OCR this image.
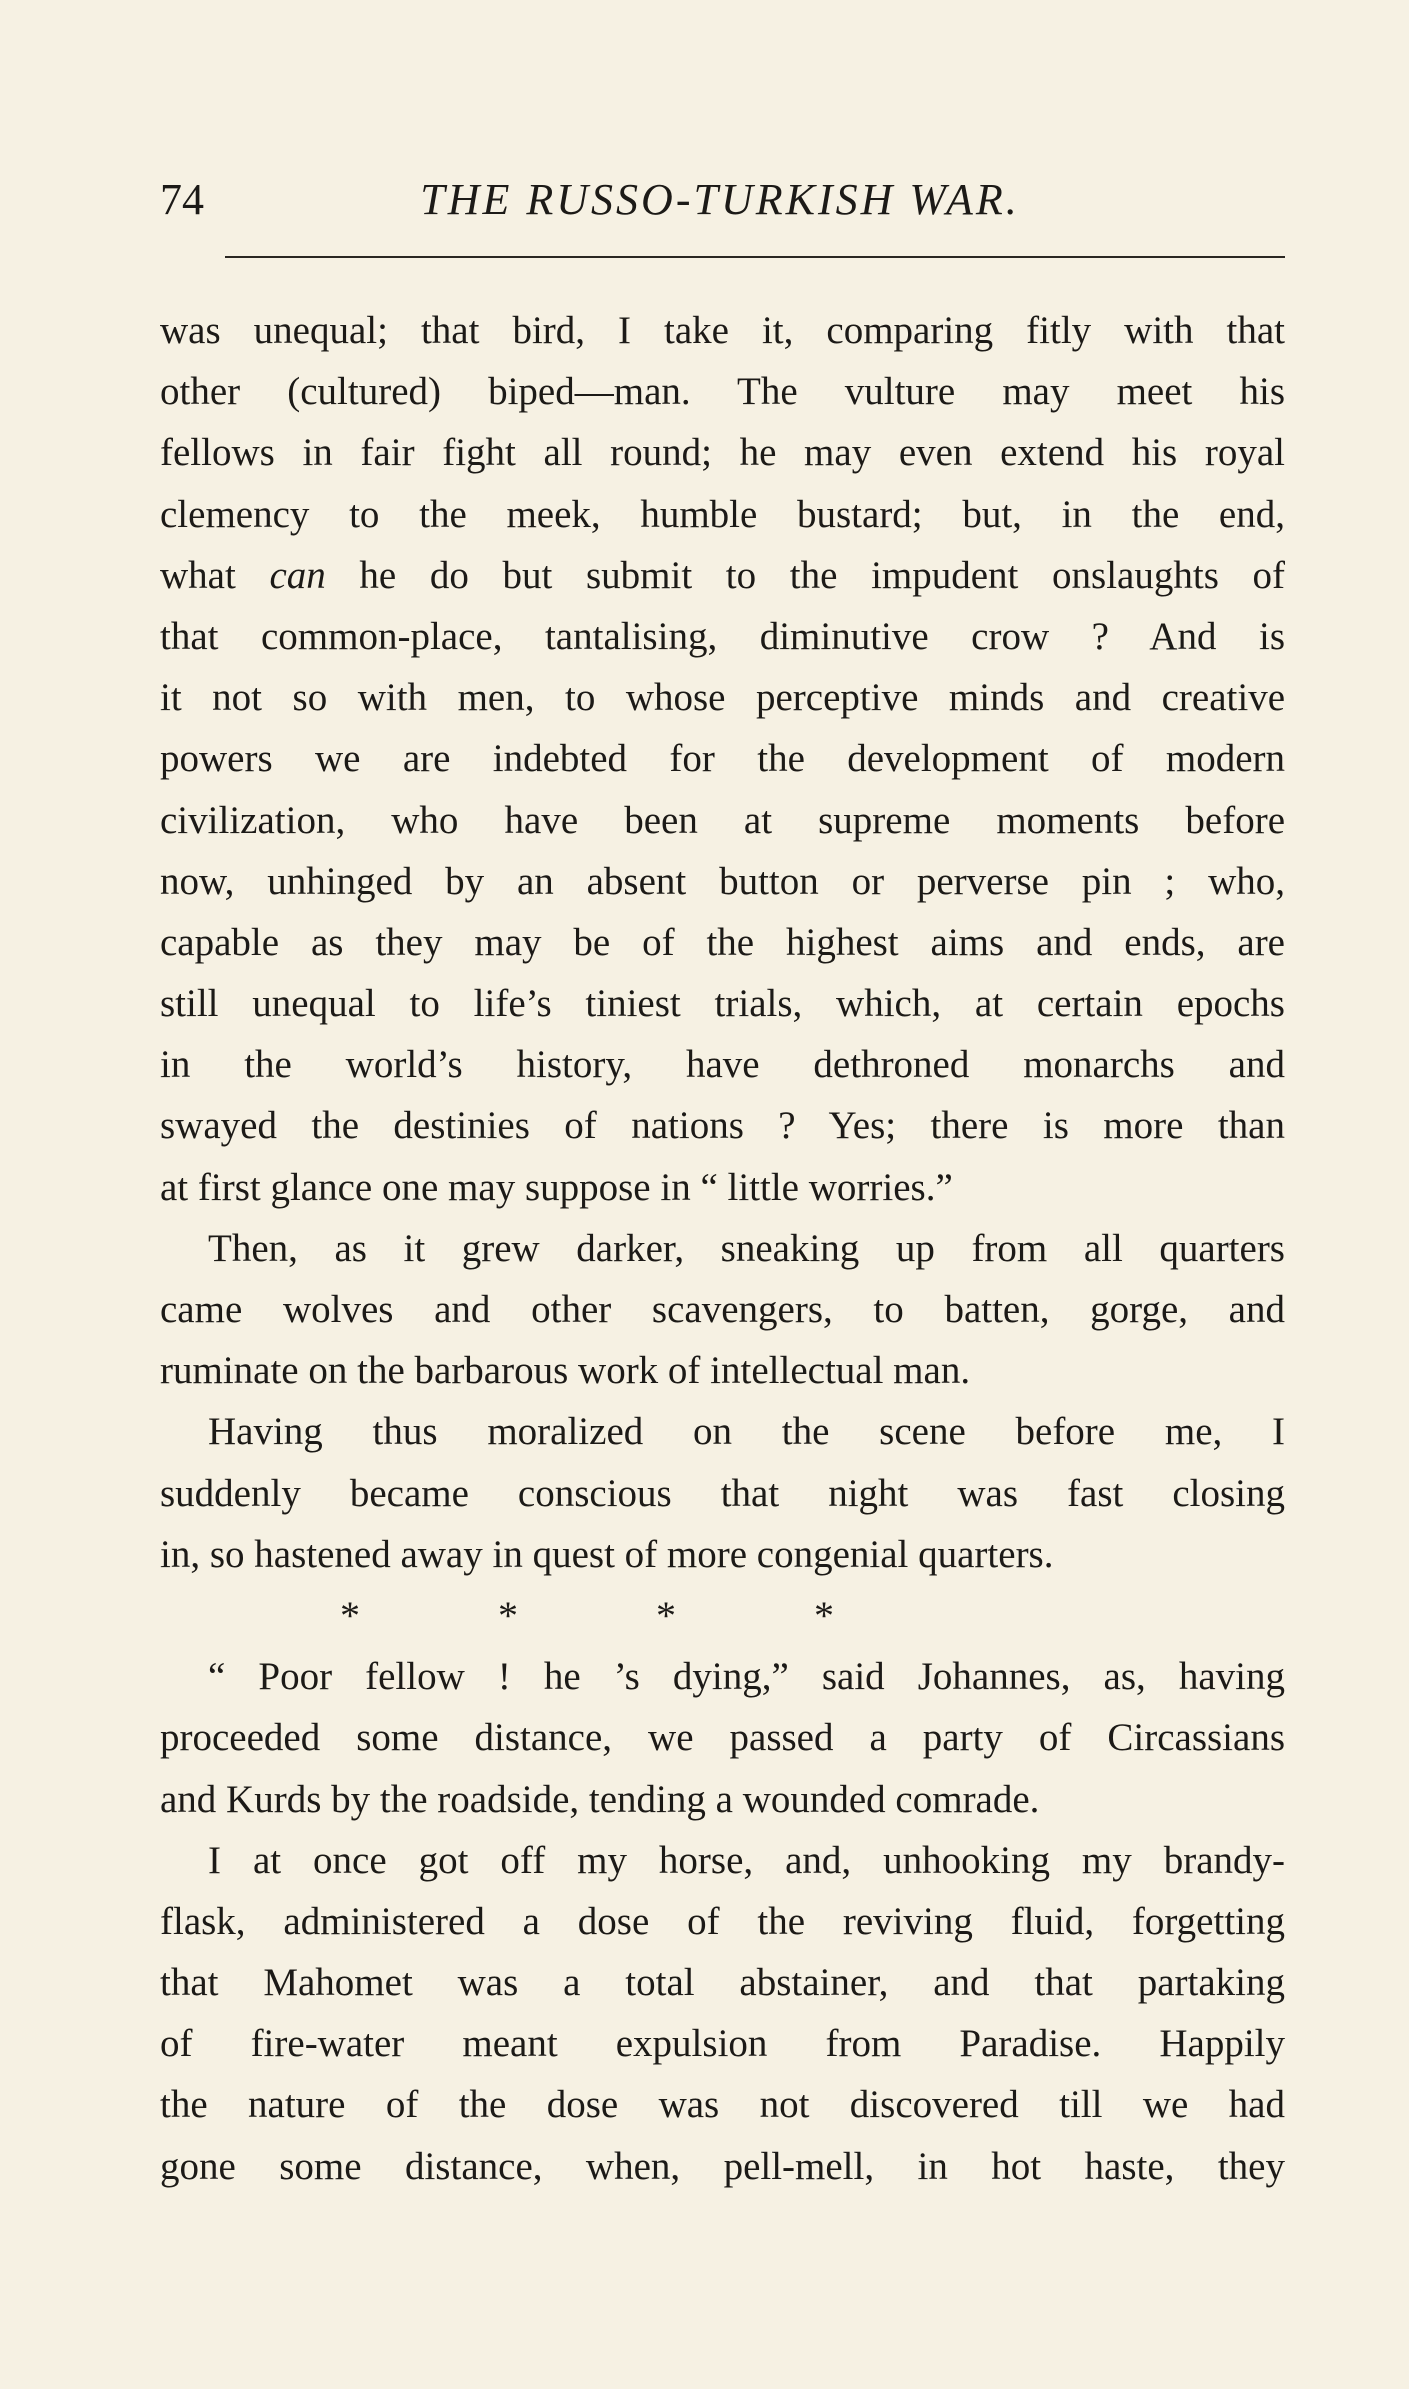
74	THE RUSSO-TURKISH WAR.
was unequal; that bird, I take it, comparing fitly with that
other (cultured) biped—man. The vulture may meet his
fellows in fair fight all round; he may even extend his royal
clemency to the meek, humble bustard; but, in the end,
what can he do but submit to the impudent onslaughts of
that common-place, tantalising, diminutive crow ? And is
it not so with men, to whose perceptive minds and creative
powers we are indebted for the development of modern
civilization, who have been at supreme moments before
now, unhinged by an absent button or perverse pin ; who,
capable as they may be of the highest aims and ends, are
still unequal to life’s tiniest trials, which, at certain epochs
in the world’s history, have dethroned monarchs and
swayed the destinies of nations ? Yes; there is more than
at first glance one may suppose in “ little worries.”
Then, as it grew darker, sneaking up from all quarters
came wolves and other scavengers, to batten, gorge, and
ruminate on the barbarous work of intellectual man.
Having thus moralized on the scene before me, I
suddenly became conscious that night was fast closing
in, so hastened away in quest of more congenial quarters.
*	*	*	*
“ Poor fellow ! he ’s dying,” said Johannes, as, having
proceeded some distance, we passed a party of Circassians
and Kurds by the roadside, tending a wounded comrade.
I at once got off my horse, and, unhooking my brandy-
flask, administered a dose of the reviving fluid, forgetting
that Mahomet was a total abstainer, and that partaking
of fire-water meant expulsion from Paradise. Happily
the nature of the dose was not discovered till we had
gone some distance, when, pell-mell, in hot haste, they
